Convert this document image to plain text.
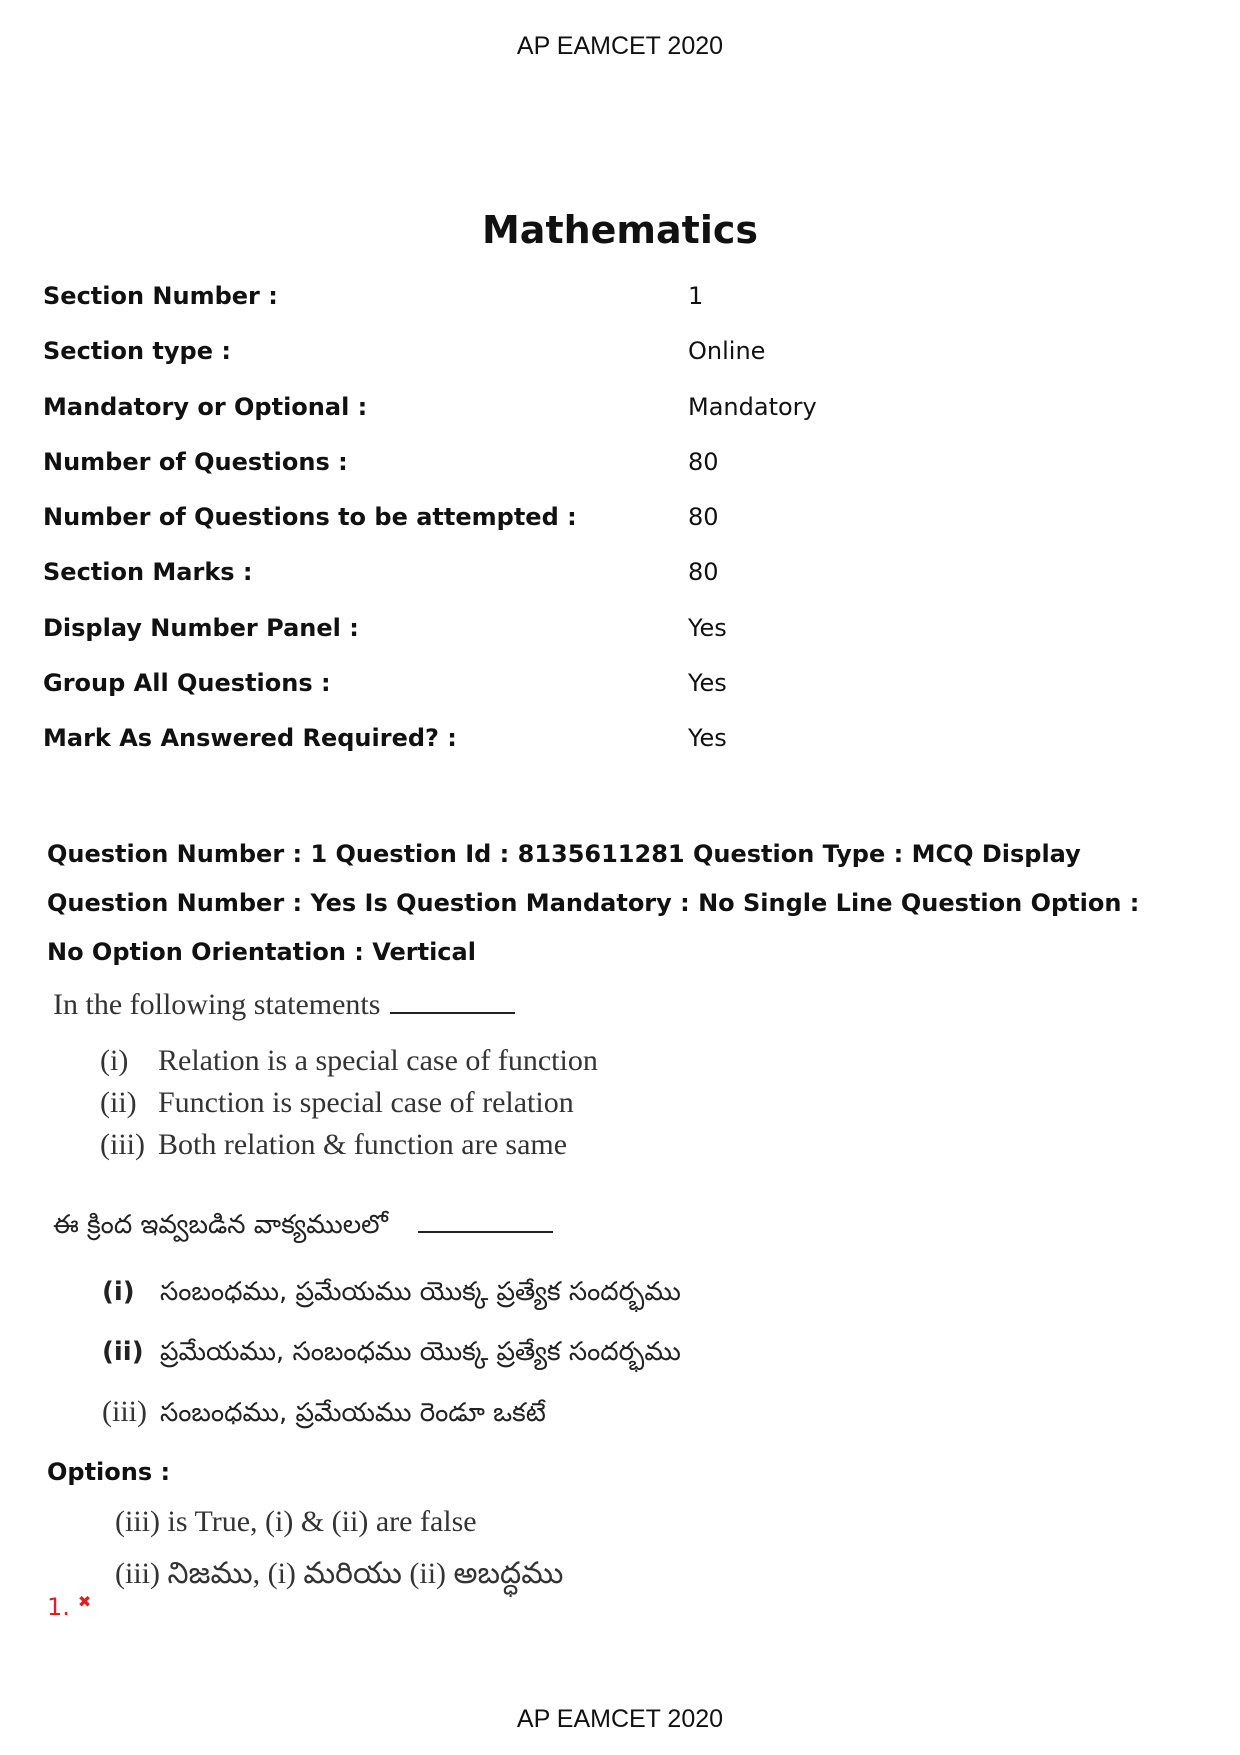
AP EAMCET 2020
Mathematics
Section Number :	1
Section type :	Online
Mandatory or Optional :	Mandatory
Number of Questions :	80
Number of Questions to be attempted :	80
Section Marks :	80
Display Number Panel :	Yes
Group All Questions :	Yes
Mark As Answered Required? :	Yes
Question Number : 1 Question Id : 8135611281 Question Type : MCQ Display Question Number : Yes Is Question Mandatory : No Single Line Question Option : No Option Orientation : Vertical
In the following statements
(i) Relation is a special case of function
(ii) Function is special case of relation
(iii) Both relation & function are same
ఈ క్రింద ఇవ్వబడిన వాక్యములలో
(i) సంబంధము, ప్రమేయము యొక్క ప్రత్యేక సందర్భము
(ii) ప్రమేయము, సంబంధము యొక్క ప్రత్యేక సందర్భము
(iii) సంబంధము, ప్రమేయము రెండూ ఒకటే
Options :
(iii) is True, (i) & (ii) are false
(iii) నిజము, (i) మరియు (ii) అబద్ధము
1. ✖
AP EAMCET 2020
